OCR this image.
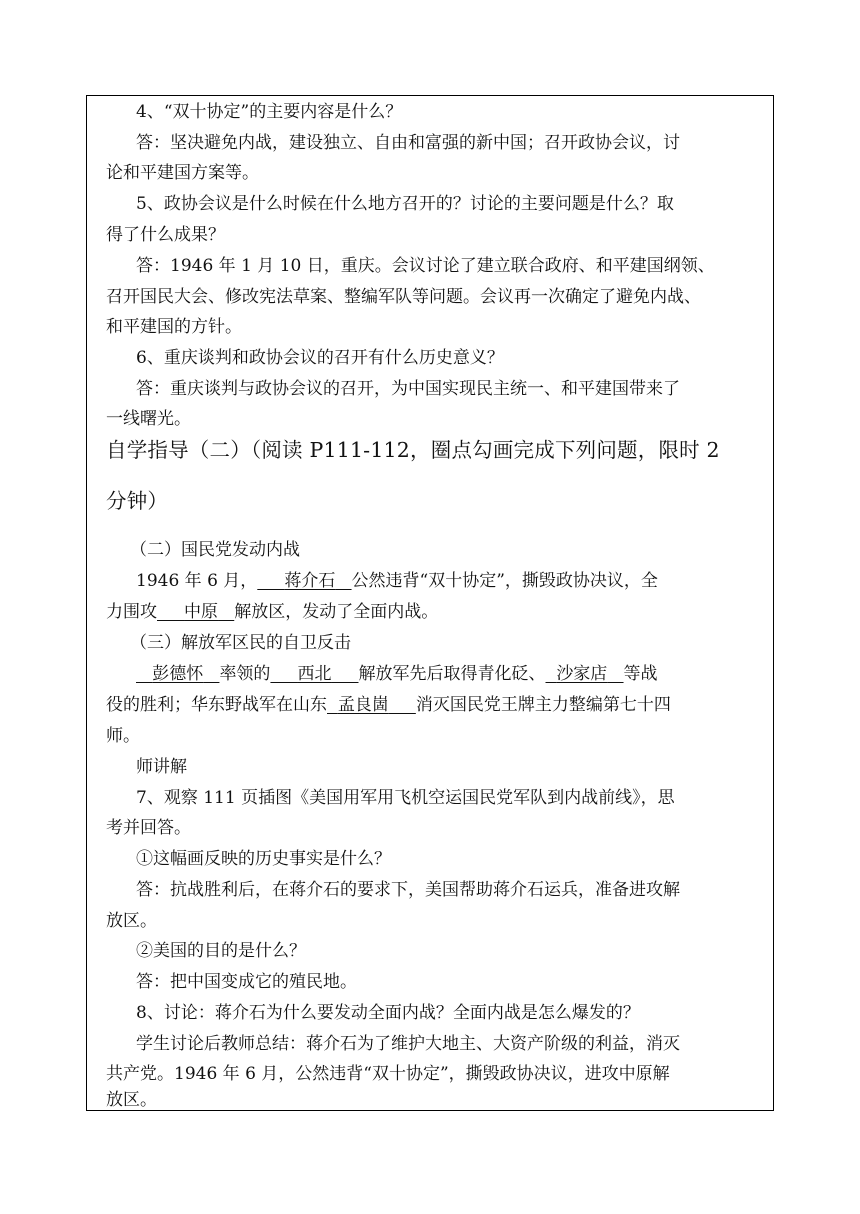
4、“双十协定”的主要内容是什么？
答：坚决避免内战，建设独立、自由和富强的新中国；召开政协会议，讨
论和平建国方案等。
5、政协会议是什么时候在什么地方召开的？讨论的主要问题是什么？取
得了什么成果？
答：1946 年 1 月 10 日，重庆。会议讨论了建立联合政府、和平建国纲领、
召开国民大会、修改宪法草案、整编军队等问题。会议再一次确定了避免内战、
和平建国的方针。
6、重庆谈判和政协会议的召开有什么历史意义？
答：重庆谈判与政协会议的召开，为中国实现民主统一、和平建国带来了
一线曙光。
自学指导（二）（阅读 P111-112，圈点勾画完成下列问题，限时 2
分钟）
（二）国民党发动内战
1946 年 6 月， 蒋介石 公然违背“双十协定”，撕毁政协决议，全
力围攻 中原 解放区，发动了全面内战。
（三）解放军区民的自卫反击
彭德怀 率领的 西北 解放军先后取得青化砭、 沙家店 等战
役的胜利；华东野战军在山东 孟良崮 消灭国民党王牌主力整编第七十四
师。
师讲解
7、观察 111 页插图《美国用军用飞机空运国民党军队到内战前线》，思
考并回答。
①这幅画反映的历史事实是什么？
答：抗战胜利后，在蒋介石的要求下，美国帮助蒋介石运兵，准备进攻解
放区。
②美国的目的是什么？
答：把中国变成它的殖民地。
8、讨论：蒋介石为什么要发动全面内战？全面内战是怎么爆发的？
学生讨论后教师总结：蒋介石为了维护大地主、大资产阶级的利益，消灭
共产党。1946 年 6 月，公然违背“双十协定”，撕毁政协决议，进攻中原解
放区。
